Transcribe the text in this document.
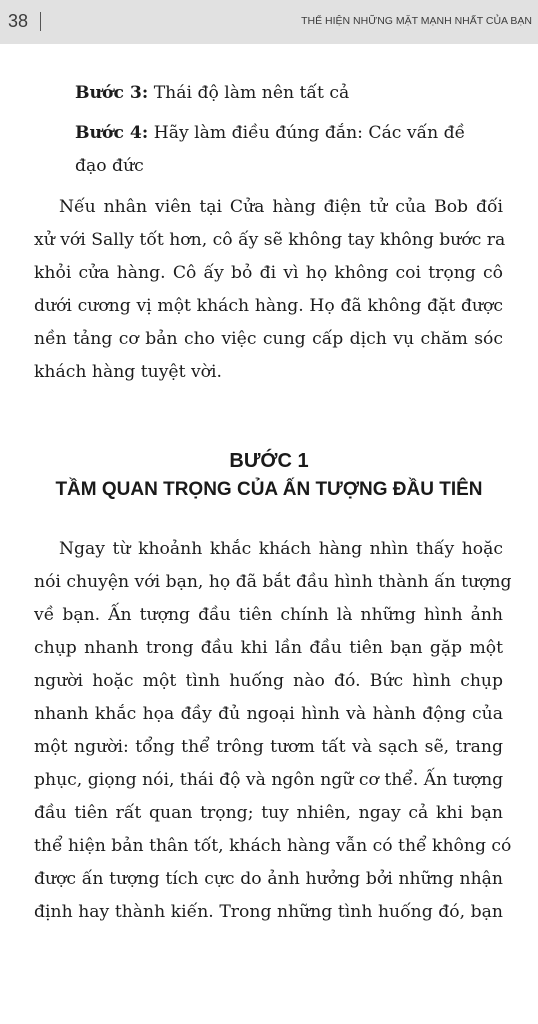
38	THỂ HIỆN NHỮNG MẶT MẠNH NHẤT CỦA BẠN

Bước 3: Thái độ làm nên tất cả

Bước 4: Hãy làm điều đúng đắn: Các vấn đề

đạo đức

Nếu nhân viên tại Cửa hàng điện tử của Bob đối

xử với Sally tốt hơn, cô ấy sẽ không tay không bước ra

khỏi cửa hàng. Cô ấy bỏ đi vì họ không coi trọng cô

dưới cương vị một khách hàng. Họ đã không đặt được

nền tảng cơ bản cho việc cung cấp dịch vụ chăm sóc

khách hàng tuyệt vời.

BƯỚC 1
TẦM QUAN TRỌNG CỦA ẤN TƯỢNG ĐẦU TIÊN

Ngay từ khoảnh khắc khách hàng nhìn thấy hoặc

nói chuyện với bạn, họ đã bắt đầu hình thành ấn tượng

về bạn. Ấn tượng đầu tiên chính là những hình ảnh

chụp nhanh trong đầu khi lần đầu tiên bạn gặp một

người hoặc một tình huống nào đó. Bức hình chụp

nhanh khắc họa đầy đủ ngoại hình và hành động của

một người: tổng thể trông tươm tất và sạch sẽ, trang

phục, giọng nói, thái độ và ngôn ngữ cơ thể. Ấn tượng

đầu tiên rất quan trọng; tuy nhiên, ngay cả khi bạn

thể hiện bản thân tốt, khách hàng vẫn có thể không có

được ấn tượng tích cực do ảnh hưởng bởi những nhận

định hay thành kiến. Trong những tình huống đó, bạn
